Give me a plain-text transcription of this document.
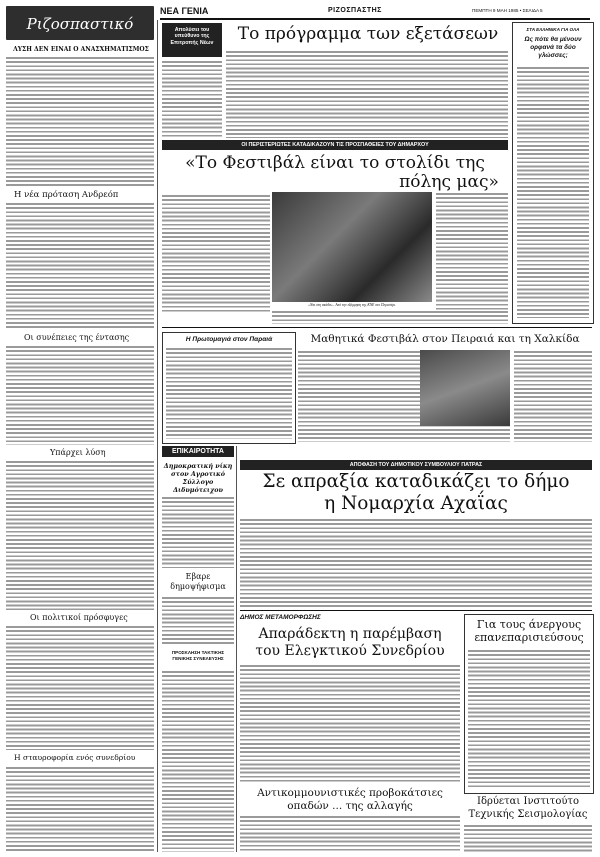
ΝΕΑ ΓΕΝΙΑ	ΡΙΖΟΣΠΑΣΤΗΣ	ΠΕΜΠΤΗ 9 ΜΑΗ 1985 • ΣΕΛΙΔΑ 5
Ριζοσπαστικό
ΛΥΣΗ ΔΕΝ ΕΙΝΑΙ Ο ΑΝΑΣΧΗΜΑΤΙΣΜΟΣ
Η νέα πρόταση Ανδρεόπ
Οι συνέπειες της έντασης
Υπάρχει λύση
Οι πολιτικοί πρόσφυγες
Η σταυροφορία ενός συνεδρίου
Απολύσει του υπεύθυνο της Επιτροπής Νέων	Το πρόγραμμα των εξετάσεων	ΣΤΑ ΕΛΛΗΝΙΚΑ ΓΙΑ ΟΛΑ
Ως πότε θα μένουν ορφανά τα δύο γλώσσες;
ΟΙ ΠΕΡΙΣΤΕΡΙΩΤΕΣ ΚΑΤΑΔΙΚΑΖΟΥΝ ΤΙΣ ΠΡΟΣΠΑΘΕΙΕΣ ΤΟΥ ΔΗΜΑΡΧΟΥ
«Το Φεστιβάλ είναι το στολίδι της
πόλης μας»
«Ναι στη ακάδα».. Από την εξόρμηση της ΚΝΕ στο Περιστέρι.
Η Πρωτομαγιά στον Παραιά	Μαθητικά Φεστιβάλ στον Πειραιά και τη Χαλκίδα
ΕΠΙΚΑΙΡΟΤΗΤΑ
Δημοκρατική νίκη στον Αγροτικό Σύλλογο Διδυμότειχου
Εβαρε δημοψήφισμα
ΠΡΟΣΚΛΗΣΗ ΤΑΚΤΙΚΗΣ ΓΕΝΙΚΗΣ ΣΥΝΕΛΕΥΣΗΣ
ΑΠΟΦΑΣΗ ΤΟΥ ΔΗΜΟΤΙΚΟΥ ΣΥΜΒΟΥΛΙΟΥ ΠΑΤΡΑΣ
Σε απραξία καταδικάζει το δήμο
η Νομαρχία Αχαΐας
ΔΗΜΟΣ ΜΕΤΑΜΟΡΦΩΣΗΣ
Απαράδεκτη η παρέμβαση
του Ελεγκτικού Συνεδρίου
Για τους άνεργους
επανεπαρισιεύσους
Αντικομμουνιστικές προβοκάτσιες
οπαδών ... της αλλαγής	Ιδρύεται Ινστιτούτο
Τεχνικής Σεισμολογίας
